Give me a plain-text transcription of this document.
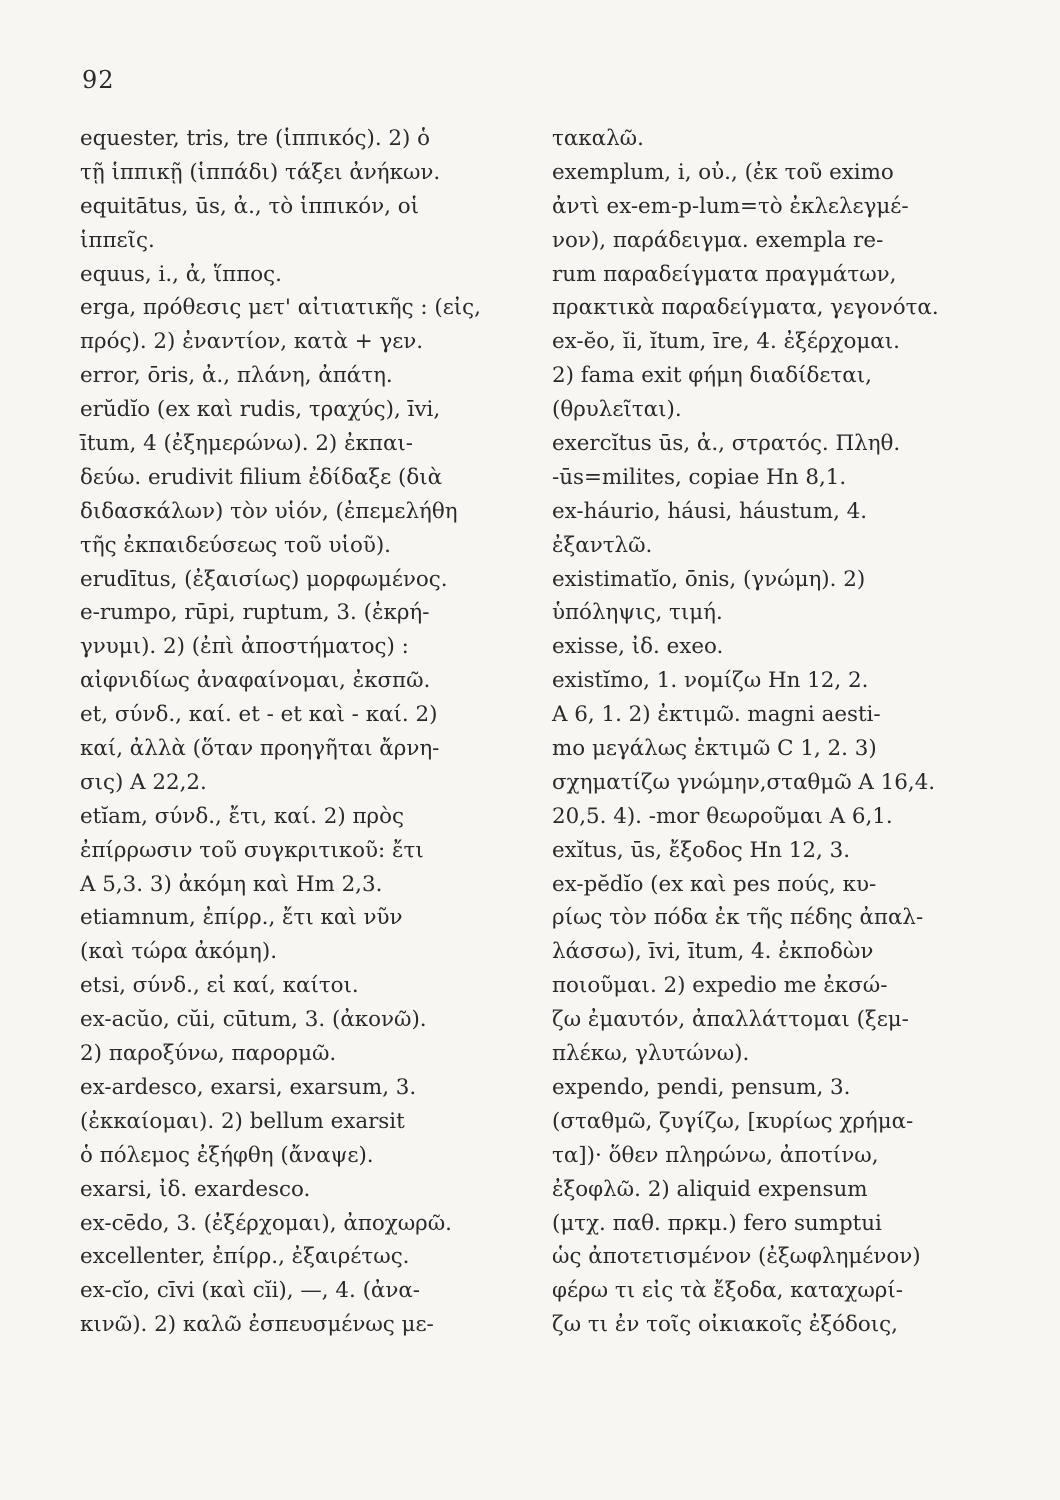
92
equester, tris, tre (ἱππικός). 2) ὁ
τῇ ἱππικῇ (ἱππάδι) τάξει ἀνήκων.
equitātus, ūs, ἀ., τὸ ἱππικόν, οἱ
ἱππεῖς.
equus, i., ἀ, ἵππος.
erga, πρόθεσις μετ' αἰτιατικῆς : (εἰς,
πρός). 2) ἐναντίον, κατὰ + γεν.
error, ōris, ἀ., πλάνη, ἀπάτη.
erŭdĭo (ex καὶ rudis, τραχύς), īvi,
ītum, 4 (ἐξημερώνω). 2) ἐκπαι-
δεύω. erudivit filium ἐδίδαξε (διὰ
διδασκάλων) τὸν υἱόν, (ἐπεμελήθη
τῆς ἐκπαιδεύσεως τοῦ υἱοῦ).
erudītus, (ἐξαισίως) μορφωμένος.
e-rumpo, rūpi, ruptum, 3. (ἐκρή-
γνυμι). 2) (ἐπὶ ἀποστήματος) :
αἰφνιδίως ἀναφαίνομαι, ἐκσπῶ.
et, σύνδ., καί. et - et καὶ - καί. 2)
καί, ἀλλὰ (ὅταν προηγῆται ἄρνη-
σις) A 22,2.
etĭam, σύνδ., ἔτι, καί. 2) πρὸς
ἐπίρρωσιν τοῦ συγκριτικοῦ: ἔτι
A 5,3. 3) ἀκόμη καὶ Hm 2,3.
etiamnum, ἐπίρρ., ἔτι καὶ νῦν
(καὶ τώρα ἀκόμη).
etsi, σύνδ., εἰ καί, καίτοι.
ex-acŭo, cŭi, cūtum, 3. (ἀκονῶ).
2) παροξύνω, παρορμῶ.
ex-ardesco, exarsi, exarsum, 3.
(ἐκκαίομαι). 2) bellum exarsit
ὁ πόλεμος ἐξήφθη (ἄναψε).
exarsi, ἰδ. exardesco.
ex-cēdo, 3. (ἐξέρχομαι), ἀποχωρῶ.
excellenter, ἐπίρρ., ἐξαιρέτως.
ex-cĭo, cīvi (καὶ cĭi), —, 4. (ἀνα-
κινῶ). 2) καλῶ ἐσπευσμένως με-
τακαλῶ.
exemplum, i, οὐ., (ἐκ τοῦ eximo
ἀντὶ ex-em-p-lum=τὸ ἐκλελεγμέ-
νον), παράδειγμα. exempla re-
rum παραδείγματα πραγμάτων,
πρακτικὰ παραδείγματα, γεγονότα.
ex-ĕo, ĭi, ĭtum, īre, 4. ἐξέρχομαι.
2) fama exit φήμη διαδίδεται,
(θρυλεῖται).
exercĭtus ūs, ἀ., στρατός. Πληθ.
-ūs=milites, copiae Hn 8,1.
ex-háurio, háusi, háustum, 4.
ἐξαντλῶ.
existimatĭo, ōnis, (γνώμη). 2)
ὑπόληψις, τιμή.
exisse, ἰδ. exeo.
existĭmo, 1. νομίζω Hn 12, 2.
A 6, 1. 2) ἐκτιμῶ. magni aesti-
mo μεγάλως ἐκτιμῶ C 1, 2. 3)
σχηματίζω γνώμην,σταθμῶ A 16,4.
20,5. 4). -mor θεωροῦμαι A 6,1.
exĭtus, ūs, ἔξοδος Hn 12, 3.
ex-pĕdĭo (ex καὶ pes πούς, κυ-
ρίως τὸν πόδα ἐκ τῆς πέδης ἀπαλ-
λάσσω), īvi, ītum, 4. ἐκποδὼν
ποιοῦμαι. 2) expedio me ἐκσώ-
ζω ἐμαυτόν, ἀπαλλάττομαι (ξεμ-
πλέκω, γλυτώνω).
expendo, pendi, pensum, 3.
(σταθμῶ, ζυγίζω, [κυρίως χρήμα-
τα])· ὅθεν πληρώνω, ἀποτίνω,
ἐξοφλῶ. 2) aliquid expensum
(μτχ. παθ. πρκμ.) fero sumptui
ὡς ἀποτετισμένον (ἐξωφλημένον)
φέρω τι εἰς τὰ ἔξοδα, καταχωρί-
ζω τι ἐν τοῖς οἰκιακοῖς ἐξόδοις,
